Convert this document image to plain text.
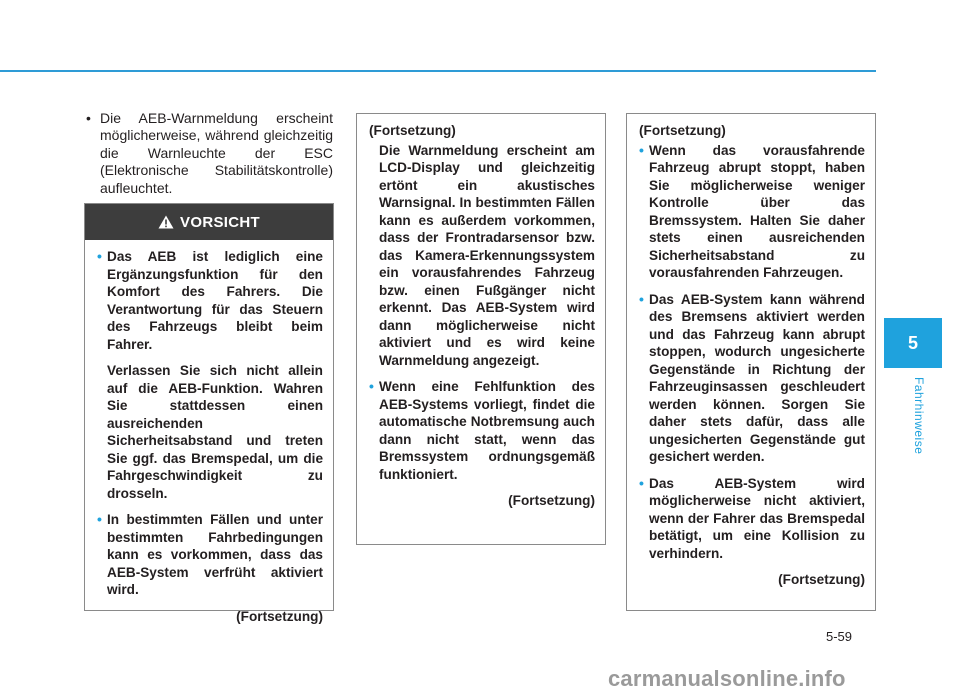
5
Fahrhinweise
• Die AEB-Warnmeldung erscheint möglicherweise, während gleichzeitig die Warnleuchte der ESC (Elektronische Stabilitätskontrolle) aufleuchtet.
VORSICHT
• Das AEB ist lediglich eine Ergänzungsfunktion für den Komfort des Fahrers. Die Verantwortung für das Steuern des Fahrzeugs bleibt beim Fahrer.
Verlassen Sie sich nicht allein auf die AEB-Funktion. Wahren Sie stattdessen einen ausreichenden Sicherheitsabstand und treten Sie ggf. das Bremspedal, um die Fahrgeschwindigkeit zu drosseln.
• In bestimmten Fällen und unter bestimmten Fahrbedingungen kann es vorkommen, dass das AEB-System verfrüht aktiviert wird.
(Fortsetzung)
(Fortsetzung)
Die Warnmeldung erscheint am LCD-Display und gleichzeitig ertönt ein akustisches Warnsignal. In bestimmten Fällen kann es außerdem vorkommen, dass der Frontradarsensor bzw. das Kamera-Erkennungssystem ein vorausfahrendes Fahrzeug bzw. einen Fußgänger nicht erkennt. Das AEB-System wird dann möglicherweise nicht aktiviert und es wird keine Warnmeldung angezeigt.
• Wenn eine Fehlfunktion des AEB-Systems vorliegt, findet die automatische Notbremsung auch dann nicht statt, wenn das Bremssystem ordnungsgemäß funktioniert.
(Fortsetzung)
(Fortsetzung)
• Wenn das vorausfahrende Fahrzeug abrupt stoppt, haben Sie möglicherweise weniger Kontrolle über das Bremssystem. Halten Sie daher stets einen ausreichenden Sicherheitsabstand zu vorausfahrenden Fahrzeugen.
• Das AEB-System kann während des Bremsens aktiviert werden und das Fahrzeug kann abrupt stoppen, wodurch ungesicherte Gegenstände in Richtung der Fahrzeuginsassen geschleudert werden können. Sorgen Sie daher stets dafür, dass alle ungesicherten Gegenstände gut gesichert werden.
• Das AEB-System wird möglicherweise nicht aktiviert, wenn der Fahrer das Bremspedal betätigt, um eine Kollision zu verhindern.
(Fortsetzung)
5-59
carmanualsonline.info
